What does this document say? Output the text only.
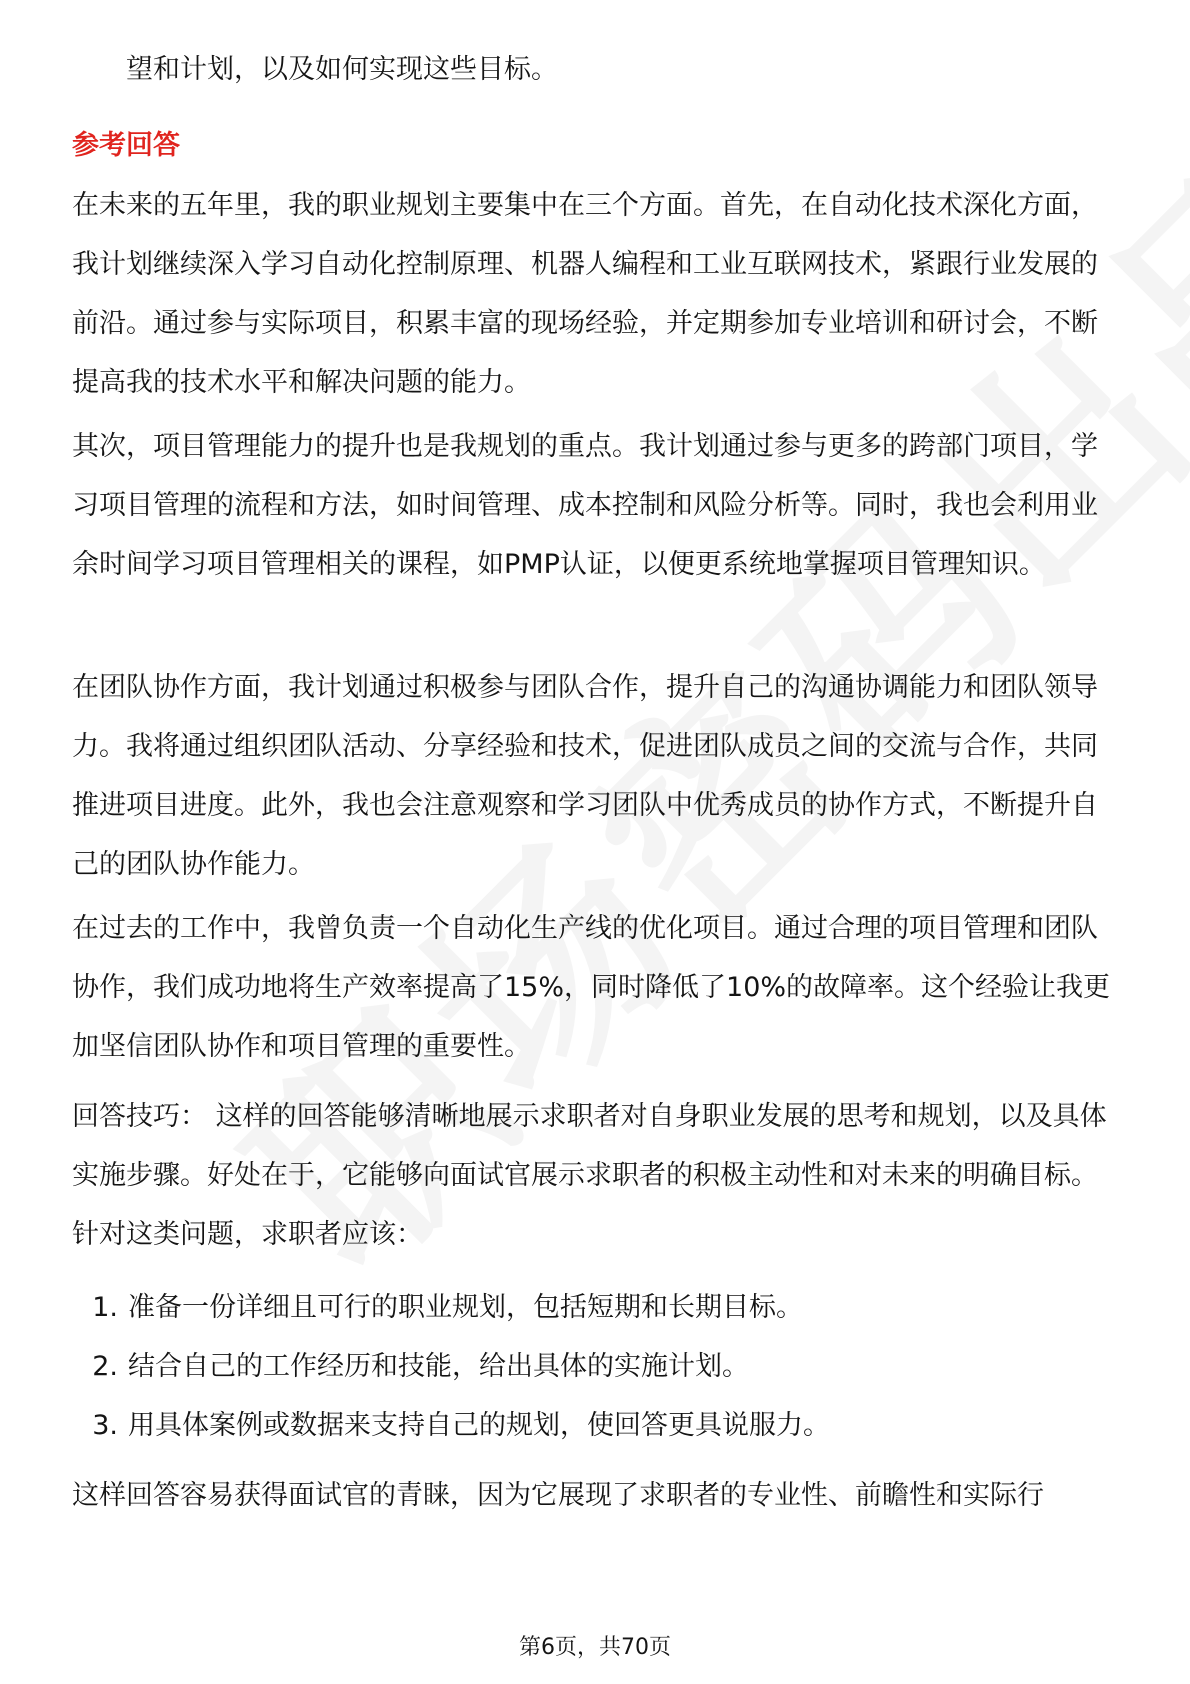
望和计划，以及如何实现这些目标。

参考回答

在未来的五年里，我的职业规划主要集中在三个方面。首先，在自动化技术深化方面，我计划继续深入学习自动化控制原理、机器人编程和工业互联网技术，紧跟行业发展的前沿。通过参与实际项目，积累丰富的现场经验，并定期参加专业培训和研讨会，不断提高我的技术水平和解决问题的能力。

其次，项目管理能力的提升也是我规划的重点。我计划通过参与更多的跨部门项目，学习项目管理的流程和方法，如时间管理、成本控制和风险分析等。同时，我也会利用业余时间学习项目管理相关的课程，如PMP认证，以便更系统地掌握项目管理知识。

在团队协作方面，我计划通过积极参与团队合作，提升自己的沟通协调能力和团队领导力。我将通过组织团队活动、分享经验和技术，促进团队成员之间的交流与合作，共同推进项目进度。此外，我也会注意观察和学习团队中优秀成员的协作方式，不断提升自己的团队协作能力。

在过去的工作中，我曾负责一个自动化生产线的优化项目。通过合理的项目管理和团队协作，我们成功地将生产效率提高了15%，同时降低了10%的故障率。这个经验让我更加坚信团队协作和项目管理的重要性。

回答技巧： 这样的回答能够清晰地展示求职者对自身职业发展的思考和规划，以及具体实施步骤。好处在于，它能够向面试官展示求职者的积极主动性和对未来的明确目标。针对这类问题，求职者应该：

1. 准备一份详细且可行的职业规划，包括短期和长期目标。
2. 结合自己的工作经历和技能，给出具体的实施计划。
3. 用具体案例或数据来支持自己的规划，使回答更具说服力。

这样回答容易获得面试官的青睐，因为它展现了求职者的专业性、前瞻性和实际行

第6页，共70页
